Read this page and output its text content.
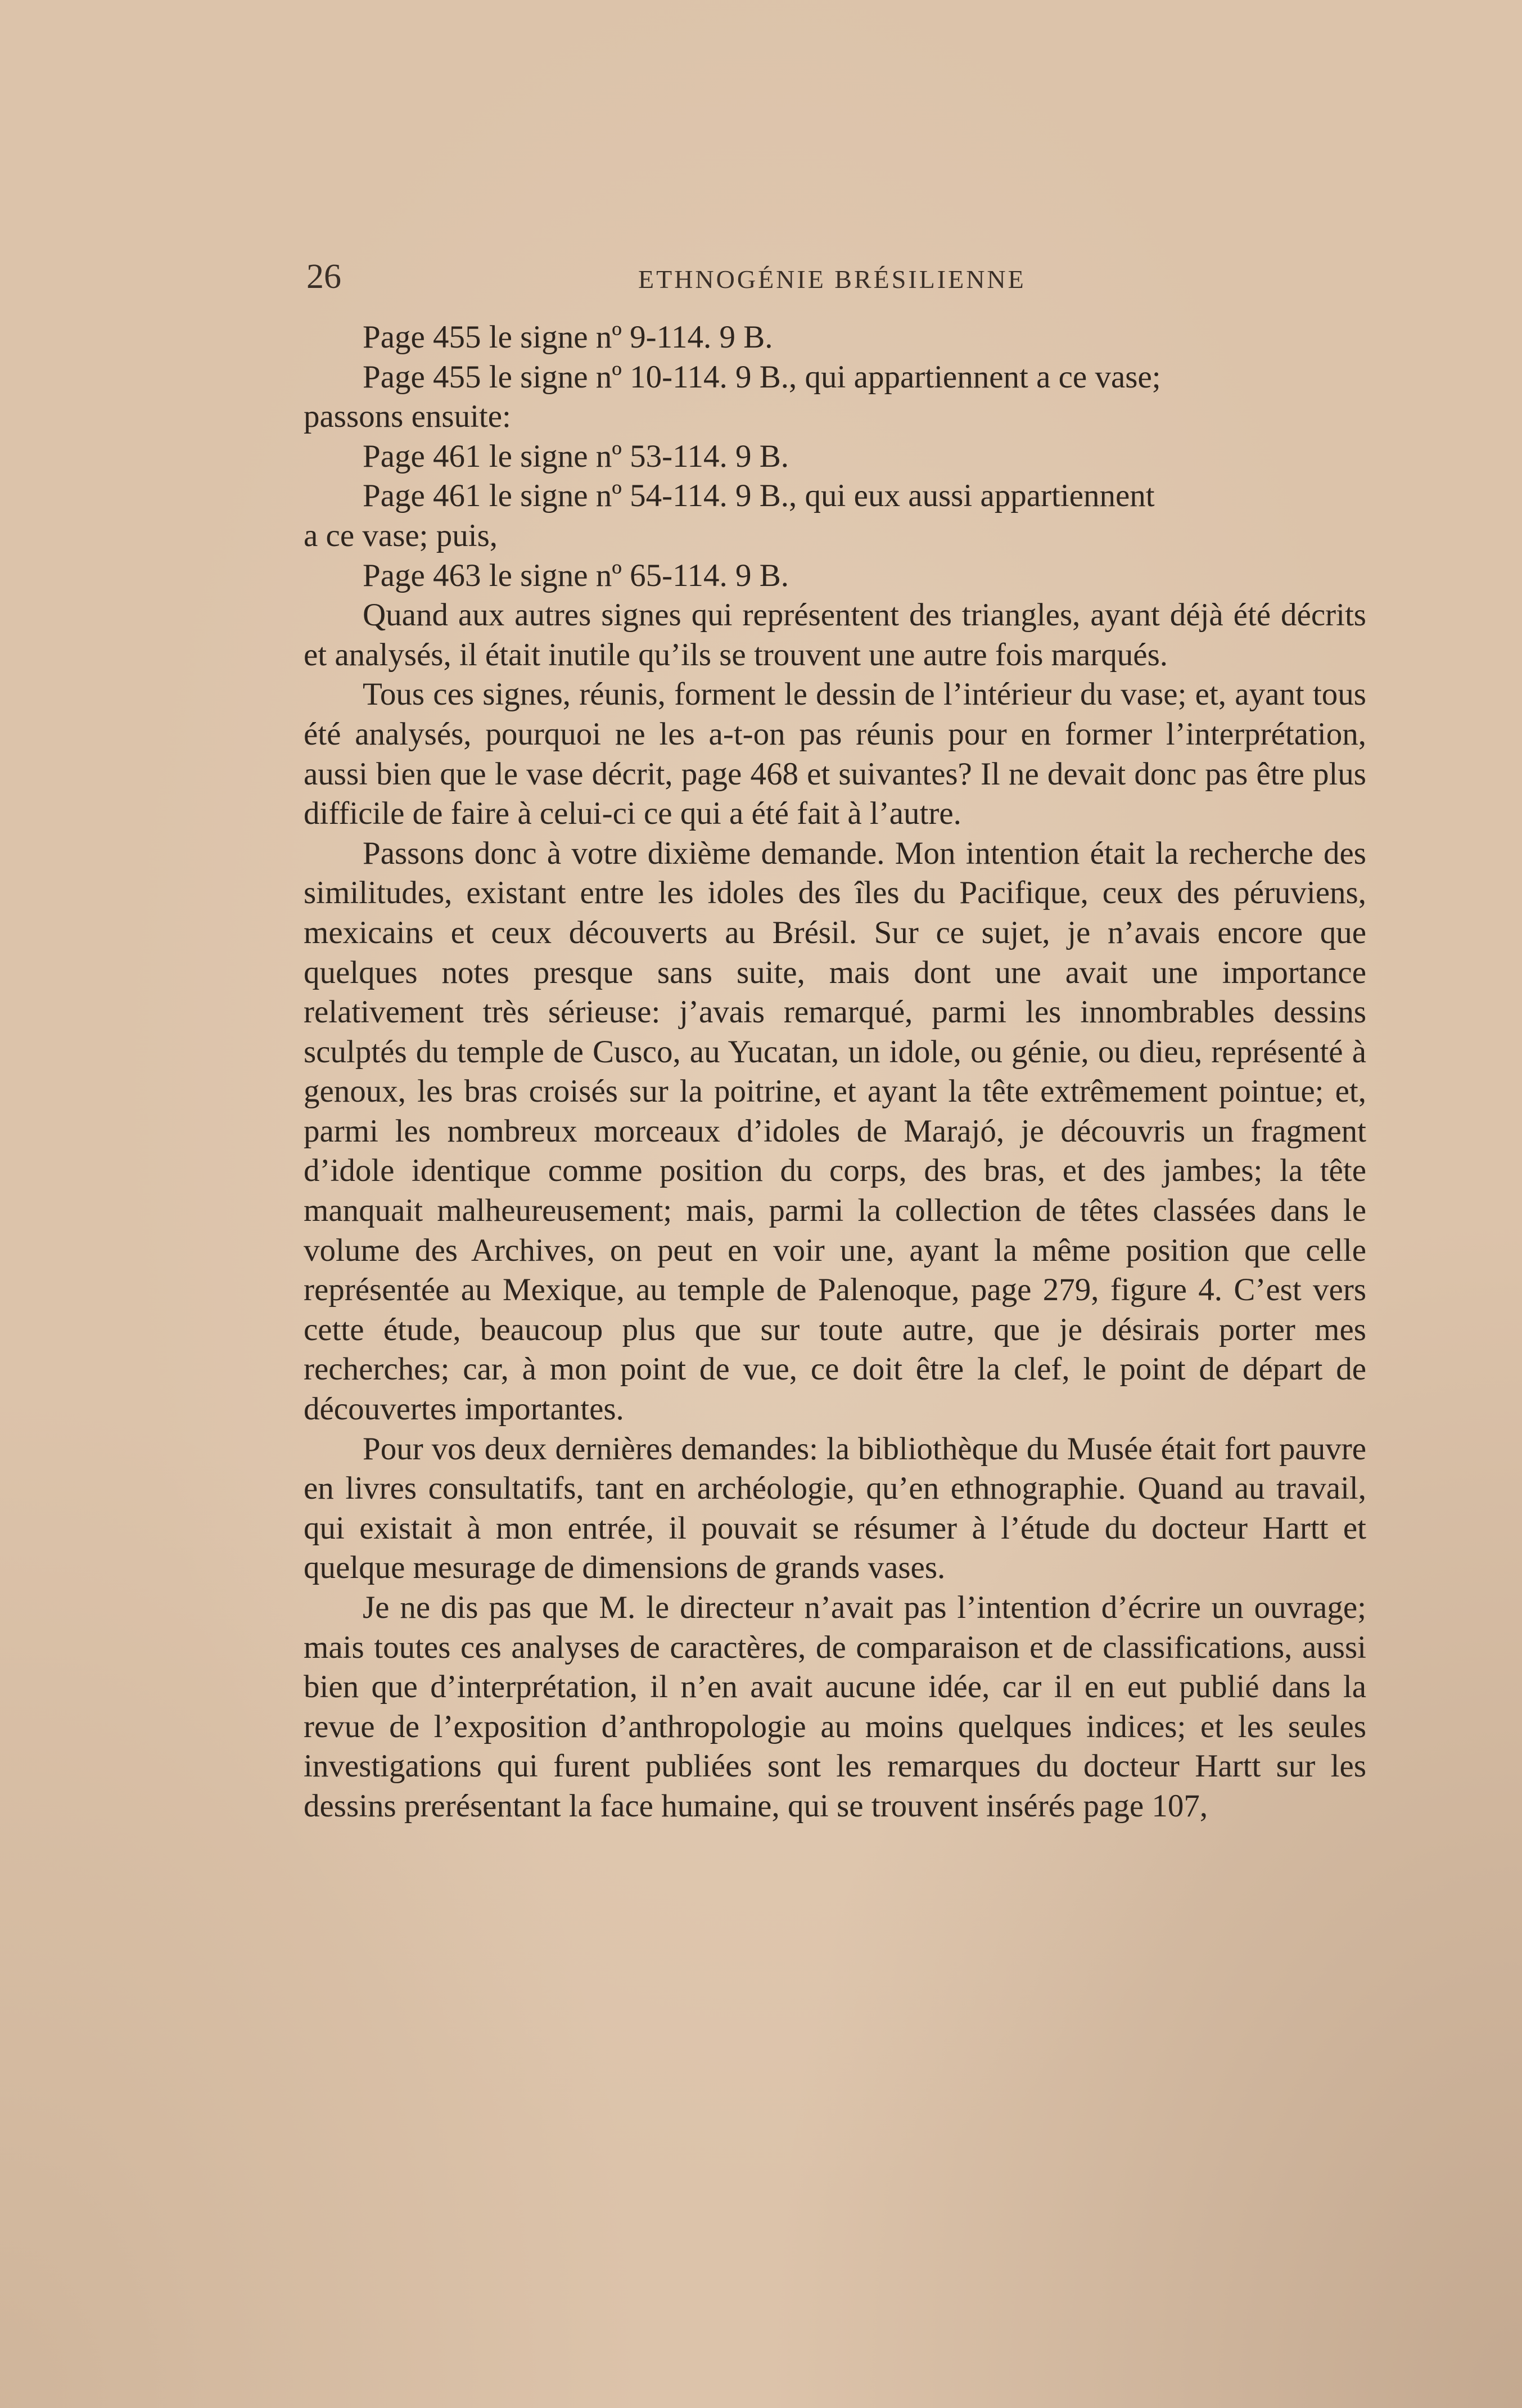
26	ETHNOGÉNIE BRÉSILIENNE

Page 455 le signe nº 9-114. 9 B.

Page 455 le signe nº 10-114. 9 B., qui appartiennent a ce vase;

passons ensuite:

Page 461 le signe nº 53-114. 9 B.

Page 461 le signe nº 54-114. 9 B., qui eux aussi appartiennent

a ce vase; puis,

Page 463 le signe nº 65-114. 9 B.

Quand aux autres signes qui représentent des triangles, ayant déjà été décrits et analysés, il était inutile qu’ils se trouvent une autre fois marqués.

Tous ces signes, réunis, forment le dessin de l’intérieur du vase; et, ayant tous été analysés, pourquoi ne les a-t-on pas réunis pour en former l’interprétation, aussi bien que le vase décrit, page 468 et suivantes? Il ne devait donc pas être plus difficile de faire à celui-ci ce qui a été fait à l’autre.

Passons donc à votre dixième demande. Mon intention était la recherche des similitudes, existant entre les idoles des îles du Pacifique, ceux des péruviens, mexicains et ceux découverts au Brésil. Sur ce sujet, je n’avais encore que quelques notes presque sans suite, mais dont une avait une importance relativement très sérieuse: j’avais remarqué, parmi les innombrables dessins sculptés du temple de Cusco, au Yucatan, un idole, ou génie, ou dieu, représenté à genoux, les bras croisés sur la poitrine, et ayant la tête extrêmement pointue; et, parmi les nombreux morceaux d’idoles de Marajó, je découvris un fragment d’idole identique comme position du corps, des bras, et des jambes; la tête manquait malheureusement; mais, parmi la collection de têtes classées dans le volume des Archives, on peut en voir une, ayant la même position que celle représentée au Mexique, au temple de Palenoque, page 279, figure 4. C’est vers cette étude, beaucoup plus que sur toute autre, que je désirais porter mes recherches; car, à mon point de vue, ce doit être la clef, le point de départ de découvertes importantes.

Pour vos deux dernières demandes: la bibliothèque du Musée était fort pauvre en livres consultatifs, tant en archéologie, qu’en ethnographie. Quand au travail, qui existait à mon entrée, il pouvait se résumer à l’étude du docteur Hartt et quelque mesurage de dimensions de grands vases.

Je ne dis pas que M. le directeur n’avait pas l’intention d’écrire un ouvrage; mais toutes ces analyses de caractères, de comparaison et de classifications, aussi bien que d’interprétation, il n’en avait aucune idée, car il en eut publié dans la revue de l’exposition d’anthropologie au moins quelques indices; et les seules investigations qui furent publiées sont les remarques du docteur Hartt sur les dessins prerésentant la face humaine, qui se trouvent insérés page 107,
